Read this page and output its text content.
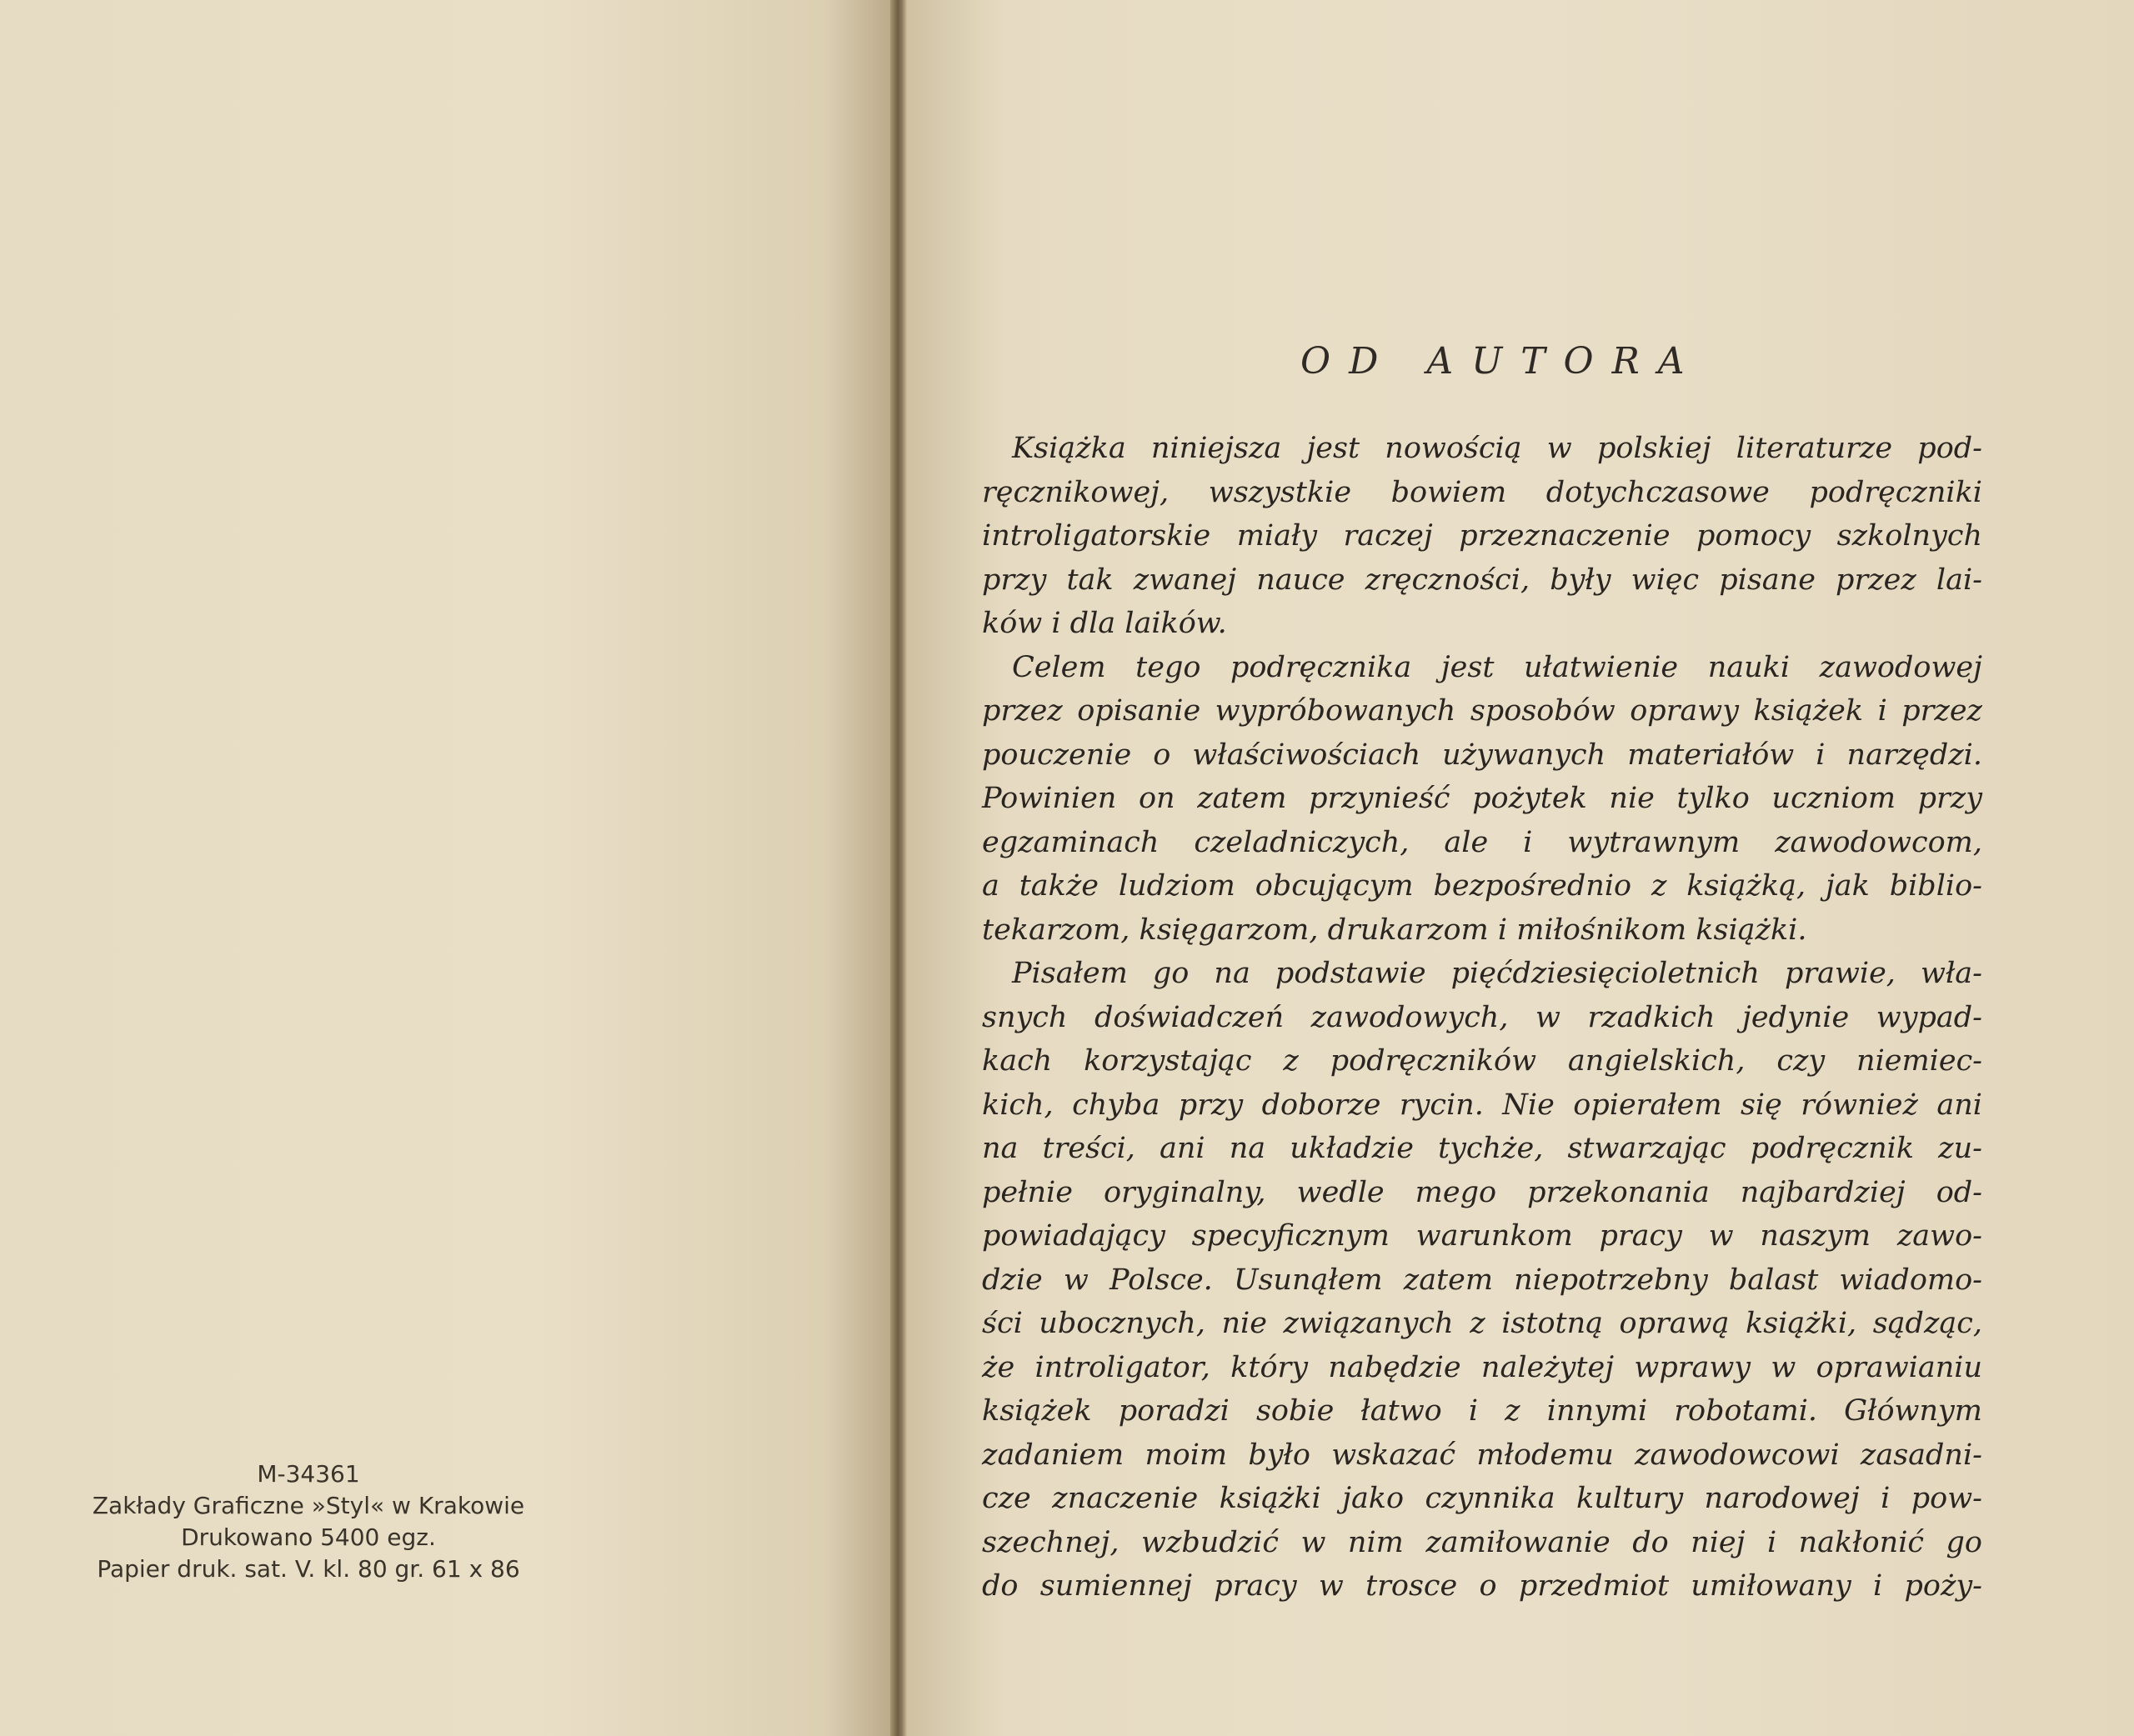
M-34361
Zakłady Graficzne »Styl« w Krakowie
Drukowano 5400 egz.
Papier druk. sat. V. kl. 80 gr. 61 x 86
OD AUTORA
Książka niniejsza jest nowością w polskiej literaturze pod-
ręcznikowej, wszystkie bowiem dotychczasowe podręczniki
introligatorskie miały raczej przeznaczenie pomocy szkolnych
przy tak zwanej nauce zręczności, były więc pisane przez lai-
ków i dla laików.
Celem tego podręcznika jest ułatwienie nauki zawodowej
przez opisanie wypróbowanych sposobów oprawy książek i przez
pouczenie o właściwościach używanych materiałów i narzędzi.
Powinien on zatem przynieść pożytek nie tylko uczniom przy
egzaminach czeladniczych, ale i wytrawnym zawodowcom,
a także ludziom obcującym bezpośrednio z książką, jak biblio-
tekarzom, księgarzom, drukarzom i miłośnikom książki.
Pisałem go na podstawie pięćdziesięcioletnich prawie, wła-
snych doświadczeń zawodowych, w rzadkich jedynie wypad-
kach korzystając z podręczników angielskich, czy niemiec-
kich, chyba przy doborze rycin. Nie opierałem się również ani
na treści, ani na układzie tychże, stwarzając podręcznik zu-
pełnie oryginalny, wedle mego przekonania najbardziej od-
powiadający specyficznym warunkom pracy w naszym zawo-
dzie w Polsce. Usunąłem zatem niepotrzebny balast wiadomo-
ści ubocznych, nie związanych z istotną oprawą książki, sądząc,
że introligator, który nabędzie należytej wprawy w oprawianiu
książek poradzi sobie łatwo i z innymi robotami. Głównym
zadaniem moim było wskazać młodemu zawodowcowi zasadni-
cze znaczenie książki jako czynnika kultury narodowej i pow-
szechnej, wzbudzić w nim zamiłowanie do niej i nakłonić go
do sumiennej pracy w trosce o przedmiot umiłowany i poży-
